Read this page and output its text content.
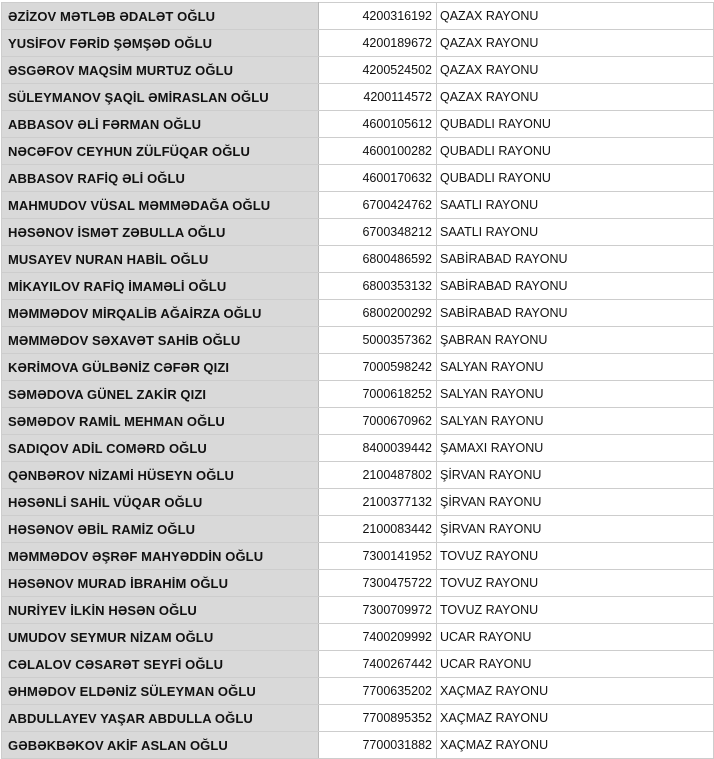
ƏZİZOV MƏTLƏB ƏDALƏT OĞLU	4200316192	QAZAX RAYONU
YUSİFOV FƏRİD ŞƏMŞƏD OĞLU	4200189672	QAZAX RAYONU
ƏSGƏROV MAQSİM MURTUZ OĞLU	4200524502	QAZAX RAYONU
SÜLEYMANOV ŞAQİL ƏMİRASLAN OĞLU	4200114572	QAZAX RAYONU
ABBASOV ƏLİ FƏRMAN OĞLU	4600105612	QUBADLI RAYONU
NƏCƏFOV CEYHUN ZÜLFÜQAR OĞLU	4600100282	QUBADLI RAYONU
ABBASOV RAFİQ ƏLİ OĞLU	4600170632	QUBADLI RAYONU
MAHMUDOV VÜSAL MƏMMƏDAĞA OĞLU	6700424762	SAATLI RAYONU
HƏSƏNOV İSMƏT ZƏBULLA OĞLU	6700348212	SAATLI RAYONU
MUSAYEV NURAN HABİL OĞLU	6800486592	SABİRABAD RAYONU
MİKAYILOV RAFİQ İMAMƏLİ OĞLU	6800353132	SABİRABAD RAYONU
MƏMMƏDOV MİRQALİB AĞAİRZA OĞLU	6800200292	SABİRABAD RAYONU
MƏMMƏDOV SƏXAVƏT SAHİB OĞLU	5000357362	ŞABRAN RAYONU
KƏRİMOVA GÜLBƏNİZ CƏFƏR QIZI	7000598242	SALYAN RAYONU
SƏMƏDOVA GÜNEL ZAKİR QIZI	7000618252	SALYAN RAYONU
SƏMƏDOV RAMİL MEHMAN OĞLU	7000670962	SALYAN RAYONU
SADIQOV ADİL COMƏRD OĞLU	8400039442	ŞAMAXI RAYONU
QƏNBƏROV NİZAMİ HÜSEYN OĞLU	2100487802	ŞİRVAN RAYONU
HƏSƏNLİ SAHİL VÜQAR OĞLU	2100377132	ŞİRVAN RAYONU
HƏSƏNOV ƏBİL RAMİZ OĞLU	2100083442	ŞİRVAN RAYONU
MƏMMƏDOV ƏŞRƏF MAHYƏDDİN OĞLU	7300141952	TOVUZ RAYONU
HƏSƏNOV MURAD İBRAHİM OĞLU	7300475722	TOVUZ RAYONU
NURİYEV İLKİN HƏSƏN OĞLU	7300709972	TOVUZ RAYONU
UMUDOV SEYMUR NİZAM OĞLU	7400209992	UCAR RAYONU
CƏLALOV CƏSARƏT SEYFİ OĞLU	7400267442	UCAR RAYONU
ƏHMƏDOV ELDƏNİZ SÜLEYMAN OĞLU	7700635202	XAÇMAZ RAYONU
ABDULLAYEV YAŞAR ABDULLA OĞLU	7700895352	XAÇMAZ RAYONU
GƏBƏKBƏKOV AKİF ASLAN OĞLU	7700031882	XAÇMAZ RAYONU
